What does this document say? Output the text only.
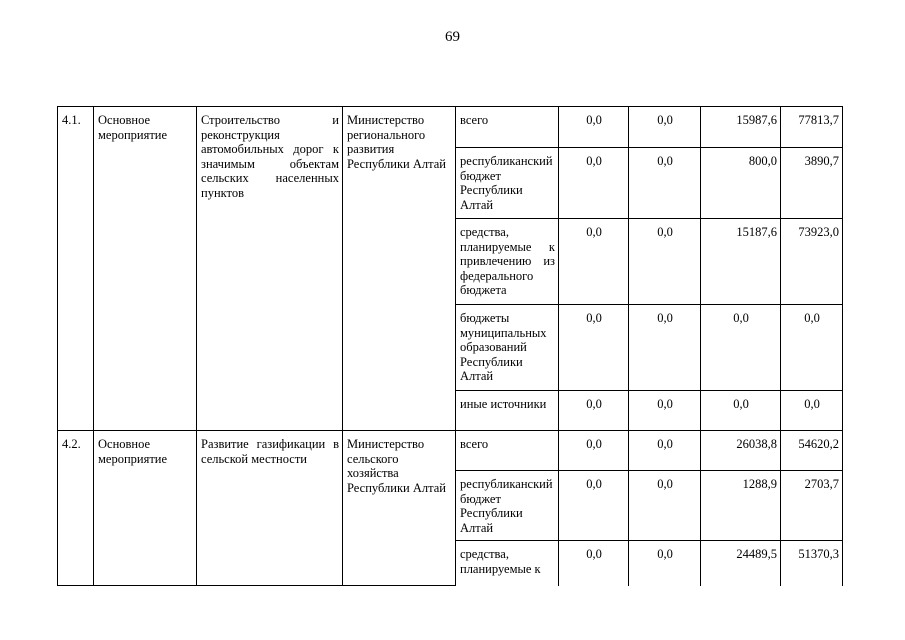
69
4.1.	Основное мероприятие	Строительство и реконструкция автомобильных дорог к значимым объектам сельских населенных пунктов	Министерство регионального развития Республики Алтай	всего	0,0	0,0	15987,6	77813,7
				республиканский бюджет Республики Алтай	0,0	0,0	800,0	3890,7
				средства, планируемые к привлечению из федерального бюджета	0,0	0,0	15187,6	73923,0
				бюджеты муниципальных образований Республики Алтай	0,0	0,0	0,0	0,0
				иные источники	0,0	0,0	0,0	0,0
4.2.	Основное мероприятие	Развитие газификации в сельской местности	Министерство сельского хозяйства Республики Алтай	всего	0,0	0,0	26038,8	54620,2
				республиканский бюджет Республики Алтай	0,0	0,0	1288,9	2703,7
				средства, планируемые к	0,0	0,0	24489,5	51370,3
